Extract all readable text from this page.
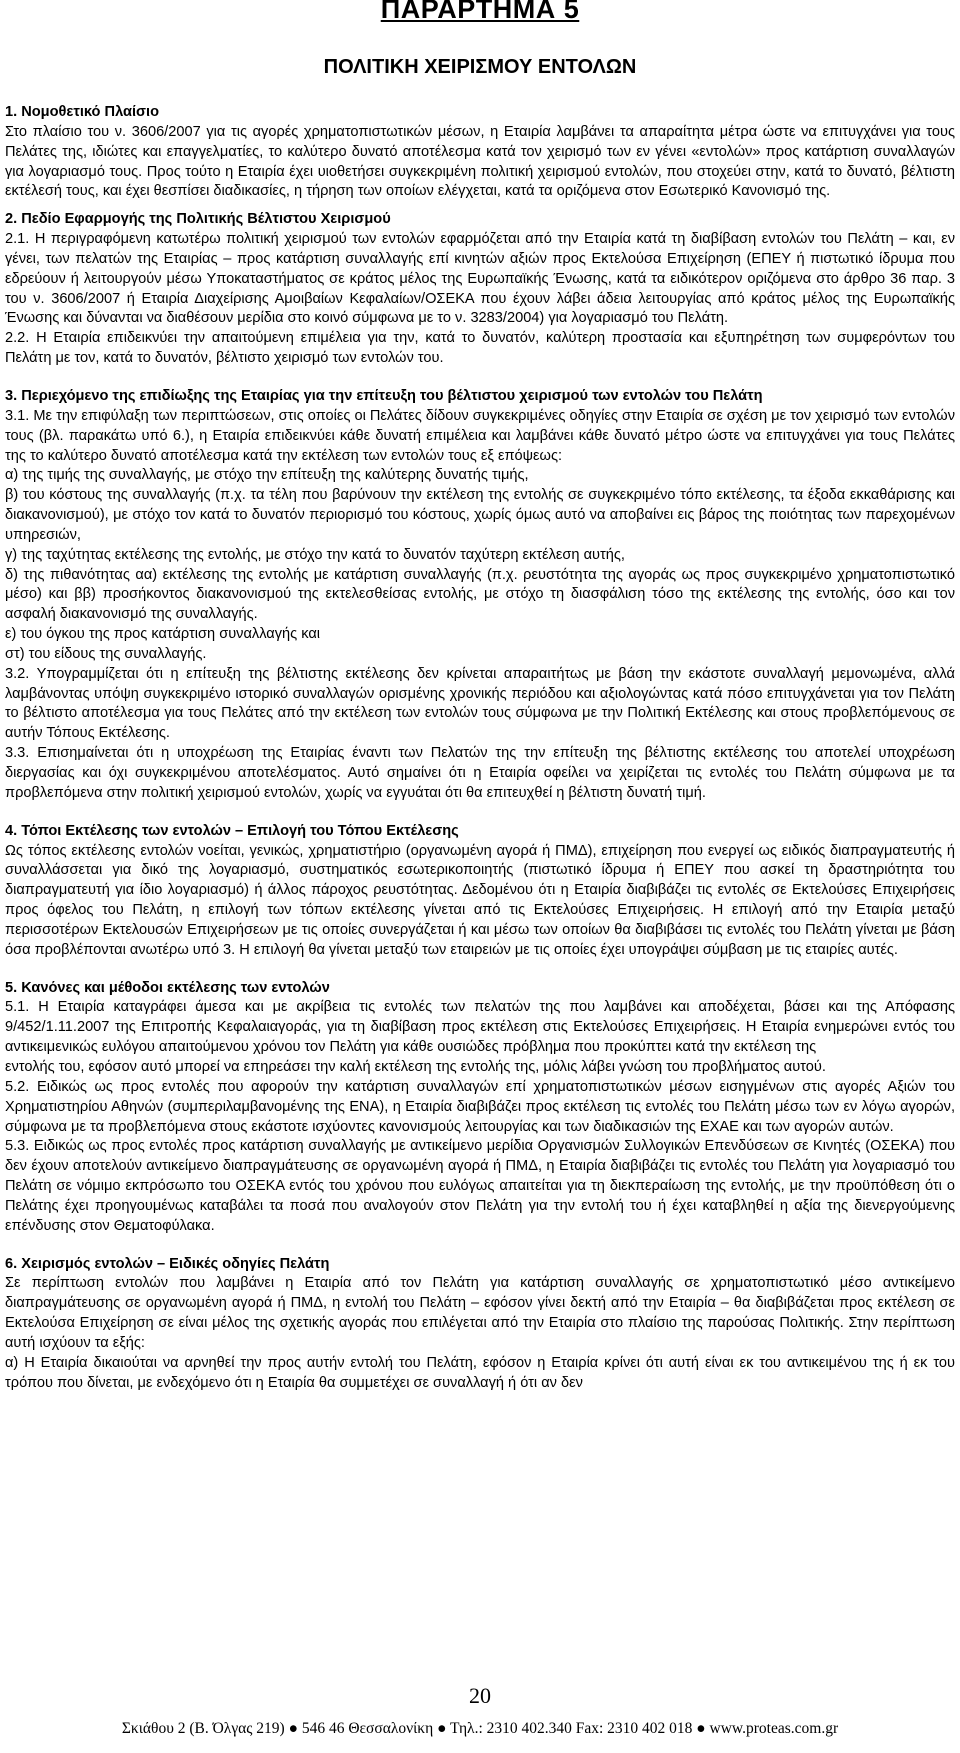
ΠΑΡΑΡΤΗΜΑ 5
ΠΟΛΙΤΙΚΗ ΧΕΙΡΙΣΜΟΥ ΕΝΤΟΛΩΝ
1. Νομοθετικό Πλαίσιο

Στο πλαίσιο του ν. 3606/2007 για τις αγορές χρηματοπιστωτικών μέσων, η Εταιρία λαμβάνει τα απαραίτητα μέτρα ώστε να επιτυγχάνει για τους Πελάτες της, ιδιώτες και επαγγελματίες, το καλύτερο δυνατό αποτέλεσμα κατά τον χειρισμό των εν γένει «εντολών» προς κατάρτιση συναλλαγών για λογαριασμό τους. Προς τούτο η Εταιρία έχει υιοθετήσει συγκεκριμένη πολιτική χειρισμού εντολών, που στοχεύει στην, κατά το δυνατό, βέλτιστη εκτέλεσή τους, και έχει θεσπίσει διαδικασίες, η τήρηση των οποίων ελέγχεται, κατά τα οριζόμενα στον Εσωτερικό Κανονισμό της.

2. Πεδίο Εφαρμογής της Πολιτικής Βέλτιστου Χειρισμού

2.1. Η περιγραφόμενη κατωτέρω πολιτική χειρισμού των εντολών εφαρμόζεται από την Εταιρία κατά τη διαβίβαση εντολών του Πελάτη – και, εν γένει, των πελατών της Εταιρίας – προς κατάρτιση συναλλαγής επί κινητών αξιών προς Εκτελούσα Επιχείρηση (ΕΠΕΥ ή πιστωτικό ίδρυμα που εδρεύουν ή λειτουργούν μέσω Υποκαταστήματος σε κράτος μέλος της Ευρωπαϊκής Ένωσης, κατά τα ειδικότερον οριζόμενα στο άρθρο 36 παρ. 3 του ν. 3606/2007 ή Εταιρία Διαχείρισης Αμοιβαίων Κεφαλαίων/ΟΣΕΚΑ που έχουν λάβει άδεια λειτουργίας από κράτος μέλος της Ευρωπαϊκής Ένωσης και δύνανται να διαθέσουν μερίδια στο κοινό σύμφωνα με το ν. 3283/2004) για λογαριασμό του Πελάτη.

2.2. Η Εταιρία επιδεικνύει την απαιτούμενη επιμέλεια για την, κατά το δυνατόν, καλύτερη προστασία και εξυπηρέτηση των συμφερόντων του Πελάτη με τον, κατά το δυνατόν, βέλτιστο χειρισμό των εντολών του.

3. Περιεχόμενο της επιδίωξης της Εταιρίας για την επίτευξη του βέλτιστου χειρισμού των εντολών του Πελάτη

3.1. Με την επιφύλαξη των περιπτώσεων, στις οποίες οι Πελάτες δίδουν συγκεκριμένες οδηγίες στην Εταιρία σε σχέση με τον χειρισμό των εντολών τους (βλ. παρακάτω υπό 6.), η Εταιρία επιδεικνύει κάθε δυνατή επιμέλεια και λαμβάνει κάθε δυνατό μέτρο ώστε να επιτυγχάνει για τους Πελάτες της το καλύτερο δυνατό αποτέλεσμα κατά την εκτέλεση των εντολών τους εξ επόψεως:

α) της τιμής της συναλλαγής, με στόχο την επίτευξη της καλύτερης δυνατής τιμής,

β) του κόστους της συναλλαγής (π.χ. τα τέλη που βαρύνουν την εκτέλεση της εντολής σε συγκεκριμένο τόπο εκτέλεσης, τα έξοδα εκκαθάρισης και διακανονισμού), με στόχο τον κατά το δυνατόν περιορισμό του κόστους, χωρίς όμως αυτό να αποβαίνει εις βάρος της ποιότητας των παρεχομένων υπηρεσιών,

γ) της ταχύτητας εκτέλεσης της εντολής, με στόχο την κατά το δυνατόν ταχύτερη εκτέλεση αυτής,

δ) της πιθανότητας αα) εκτέλεσης της εντολής με κατάρτιση συναλλαγής (π.χ. ρευστότητα της αγοράς ως προς συγκεκριμένο χρηματοπιστωτικό μέσο) και ββ) προσήκοντος διακανονισμού της εκτελεσθείσας εντολής, με στόχο τη διασφάλιση τόσο της εκτέλεσης της εντολής, όσο και τον ασφαλή διακανονισμό της συναλλαγής.

ε) του όγκου της προς κατάρτιση συναλλαγής και

στ) του είδους της συναλλαγής.

3.2. Υπογραμμίζεται ότι η επίτευξη της βέλτιστης εκτέλεσης δεν κρίνεται απαραιτήτως με βάση την εκάστοτε συναλλαγή μεμονωμένα, αλλά λαμβάνοντας υπόψη συγκεκριμένο ιστορικό συναλλαγών ορισμένης χρονικής περιόδου και αξιολογώντας κατά πόσο επιτυγχάνεται για τον Πελάτη το βέλτιστο αποτέλεσμα για τους Πελάτες από την εκτέλεση των εντολών τους σύμφωνα με την Πολιτική Εκτέλεσης και στους προβλεπόμενους σε αυτήν Τόπους Εκτέλεσης.

3.3. Επισημαίνεται ότι η υποχρέωση της Εταιρίας έναντι των Πελατών της την επίτευξη της βέλτιστης εκτέλεσης του αποτελεί υποχρέωση διεργασίας και όχι συγκεκριμένου αποτελέσματος. Αυτό σημαίνει ότι η Εταιρία οφείλει να χειρίζεται τις εντολές του Πελάτη σύμφωνα με τα προβλεπόμενα στην πολιτική χειρισμού εντολών, χωρίς να εγγυάται ότι θα επιτευχθεί η βέλτιστη δυνατή τιμή.

4. Τόποι Εκτέλεσης των εντολών – Επιλογή του Τόπου Εκτέλεσης

Ως τόπος εκτέλεσης εντολών νοείται, γενικώς, χρηματιστήριο (οργανωμένη αγορά ή ΠΜΔ), επιχείρηση που ενεργεί ως ειδικός διαπραγματευτής ή συναλλάσσεται για δικό της λογαριασμό, συστηματικός εσωτερικοποιητής (πιστωτικό ίδρυμα ή ΕΠΕΥ που ασκεί τη δραστηριότητα του διαπραγματευτή για ίδιο λογαριασμό) ή άλλος πάροχος ρευστότητας. Δεδομένου ότι η Εταιρία διαβιβάζει τις εντολές σε Εκτελούσες Επιχειρήσεις προς όφελος του Πελάτη, η επιλογή των τόπων εκτέλεσης γίνεται από τις Εκτελούσες Επιχειρήσεις. Η επιλογή από την Εταιρία μεταξύ περισσοτέρων Εκτελουσών Επιχειρήσεων με τις οποίες συνεργάζεται ή και μέσω των οποίων θα διαβιβάσει τις εντολές του Πελάτη γίνεται με βάση όσα προβλέπονται ανωτέρω υπό 3. Η επιλογή θα γίνεται μεταξύ των εταιρειών με τις οποίες έχει υπογράψει σύμβαση με τις εταιρίες αυτές.

5. Κανόνες και μέθοδοι εκτέλεσης των εντολών

5.1. Η Εταιρία καταγράφει άμεσα και με ακρίβεια τις εντολές των πελατών της που λαμβάνει και αποδέχεται, βάσει και της Απόφασης 9/452/1.11.2007 της Επιτροπής Κεφαλαιαγοράς, για τη διαβίβαση προς εκτέλεση στις Εκτελούσες Επιχειρήσεις. Η Εταιρία ενημερώνει εντός του αντικειμενικώς ευλόγου απαιτούμενου χρόνου τον Πελάτη για κάθε ουσιώδες πρόβλημα που προκύπτει κατά την εκτέλεση της

εντολής του, εφόσον αυτό μπορεί να επηρεάσει την καλή εκτέλεση της εντολής της, μόλις λάβει γνώση του προβλήματος αυτού.

5.2. Ειδικώς ως προς εντολές που αφορούν την κατάρτιση συναλλαγών επί χρηματοπιστωτικών μέσων εισηγμένων στις αγορές Αξιών του Χρηματιστηρίου Αθηνών (συμπεριλαμβανομένης της ΕΝΑ), η Εταιρία διαβιβάζει προς εκτέλεση τις εντολές του Πελάτη μέσω των εν λόγω αγορών, σύμφωνα με τα προβλεπόμενα στους εκάστοτε ισχύοντες κανονισμούς λειτουργίας και των διαδικασιών της ΕΧΑΕ και των αγορών αυτών.

5.3. Ειδικώς ως προς εντολές προς κατάρτιση συναλλαγής με αντικείμενο μερίδια Οργανισμών Συλλογικών Επενδύσεων σε Κινητές (ΟΣΕΚΑ) που δεν έχουν αποτελούν αντικείμενο διαπραγμάτευσης σε οργανωμένη αγορά ή ΠΜΔ, η Εταιρία διαβιβάζει τις εντολές του Πελάτη για λογαριασμό του Πελάτη σε νόμιμο εκπρόσωπο του ΟΣΕΚΑ εντός του χρόνου που ευλόγως απαιτείται για τη διεκπεραίωση της εντολής, με την προϋπόθεση ότι ο Πελάτης έχει προηγουμένως καταβάλει τα ποσά που αναλογούν στον Πελάτη για την εντολή του ή έχει καταβληθεί η αξία της διενεργούμενης επένδυσης στον Θεματοφύλακα.

6. Χειρισμός εντολών – Ειδικές οδηγίες Πελάτη

Σε περίπτωση εντολών που λαμβάνει η Εταιρία από τον Πελάτη για κατάρτιση συναλλαγής σε χρηματοπιστωτικό μέσο αντικείμενο διαπραγμάτευσης σε οργανωμένη αγορά ή ΠΜΔ, η εντολή του Πελάτη – εφόσον γίνει δεκτή από την Εταιρία – θα διαβιβάζεται προς εκτέλεση σε Εκτελούσα Επιχείρηση σε είναι μέλος της σχετικής αγοράς που επιλέγεται από την Εταιρία στο πλαίσιο της παρούσας Πολιτικής. Στην περίπτωση αυτή ισχύουν τα εξής:

α) Η Εταιρία δικαιούται να αρνηθεί την προς αυτήν εντολή του Πελάτη, εφόσον η Εταιρία κρίνει ότι αυτή είναι εκ του αντικειμένου της ή εκ του τρόπου που δίνεται, με ενδεχόμενο ότι η Εταιρία θα συμμετέχει σε συναλλαγή ή ότι αν δεν

20
Σκιάθου 2 (Β. Όλγας 219) ● 546 46 Θεσσαλονίκη ● Τηλ.: 2310 402.340 Fax: 2310 402 018 ● www.proteas.com.gr
